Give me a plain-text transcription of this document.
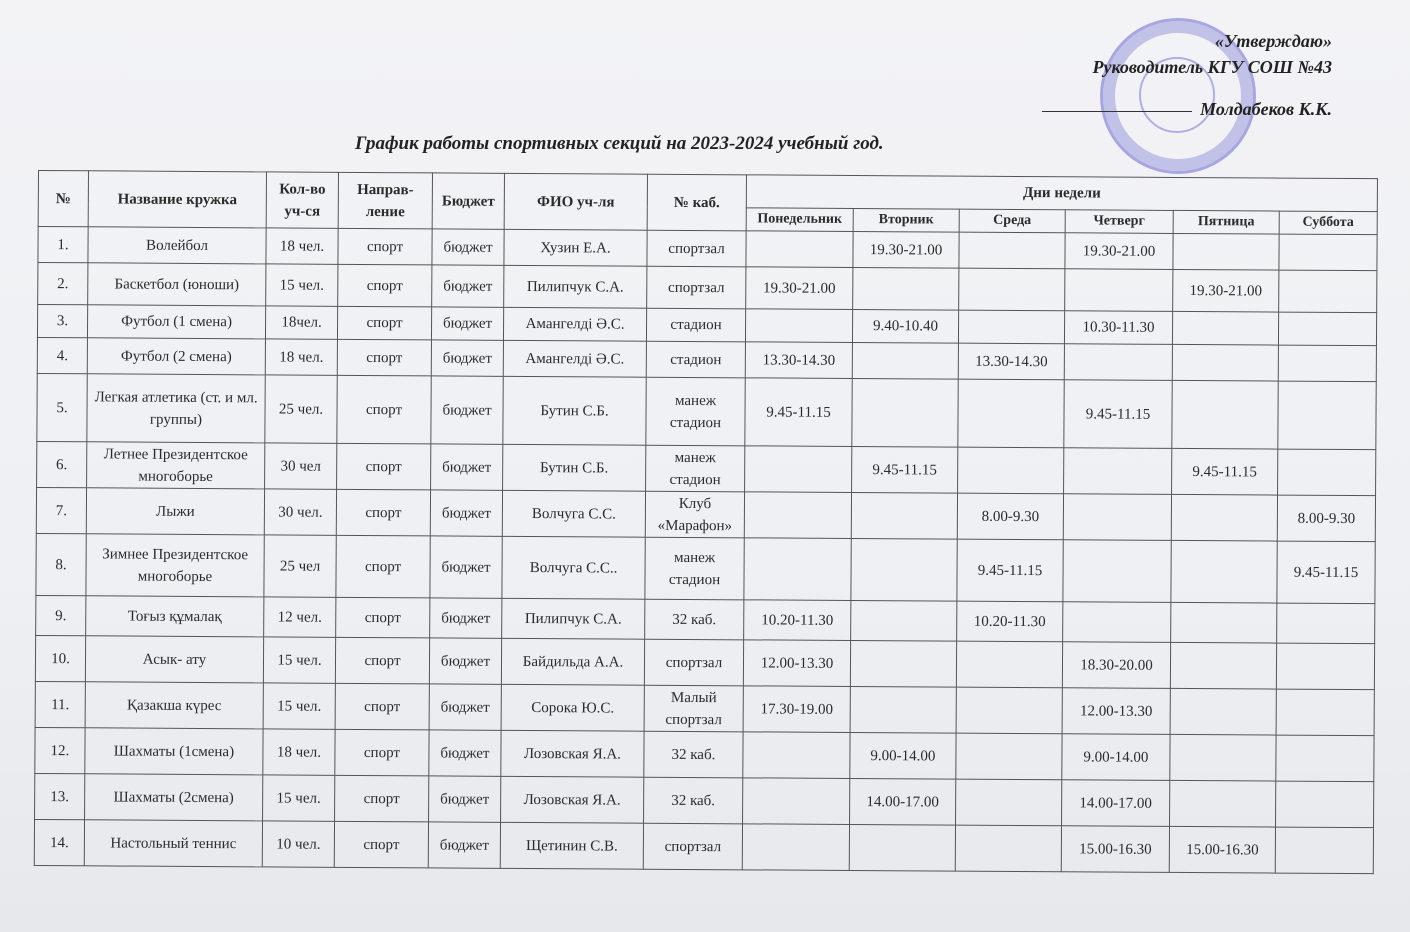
«Утверждаю»
Руководитель КГУ СОШ №43
Молдабеков К.К.
График работы спортивных секций на 2023-2024 учебный год.
№	Название кружка	Кол-во уч-ся	Направ-ление	Бюджет	ФИО уч-ля	№ каб.	Дни недели					
							Понедельник	Вторник	Среда	Четверг	Пятница	Суббота
1.	Волейбол	18 чел.	спорт	бюджет	Хузин Е.А.	спортзал		19.30-21.00		19.30-21.00		
2.	Баскетбол (юноши)	15 чел.	спорт	бюджет	Пилипчук С.А.	спортзал	19.30-21.00				19.30-21.00	
3.	Футбол (1 смена)	18чел.	спорт	бюджет	Амангелді Ә.С.	стадион		9.40-10.40		10.30-11.30		
4.	Футбол (2 смена)	18 чел.	спорт	бюджет	Амангелді Ә.С.	стадион	13.30-14.30		13.30-14.30			
5.	Легкая атлетика (ст. и мл. группы)	25 чел.	спорт	бюджет	Бутин С.Б.	манеж стадион	9.45-11.15			9.45-11.15		
6.	Летнее Президентское многоборье	30 чел	спорт	бюджет	Бутин С.Б.	манеж стадион		9.45-11.15			9.45-11.15	
7.	Лыжи	30 чел.	спорт	бюджет	Волчуга С.С.	Клуб «Марафон»			8.00-9.30			8.00-9.30
8.	Зимнее Президентское многоборье	25 чел	спорт	бюджет	Волчуга С.С..	манеж стадион			9.45-11.15			9.45-11.15
9.	Тоғыз құмалақ	12 чел.	спорт	бюджет	Пилипчук С.А.	32 каб.	10.20-11.30		10.20-11.30			
10.	Асык- ату	15 чел.	спорт	бюджет	Байдильда А.А.	спортзал	12.00-13.30			18.30-20.00		
11.	Қазакша күрес	15 чел.	спорт	бюджет	Сорока Ю.С.	Малый спортзал	17.30-19.00			12.00-13.30		
12.	Шахматы (1смена)	18 чел.	спорт	бюджет	Лозовская Я.А.	32 каб.		9.00-14.00		9.00-14.00		
13.	Шахматы (2смена)	15 чел.	спорт	бюджет	Лозовская Я.А.	32 каб.		14.00-17.00		14.00-17.00		
14.	Настольный теннис	10 чел.	спорт	бюджет	Щетинин С.В.	спортзал				15.00-16.30	15.00-16.30	
